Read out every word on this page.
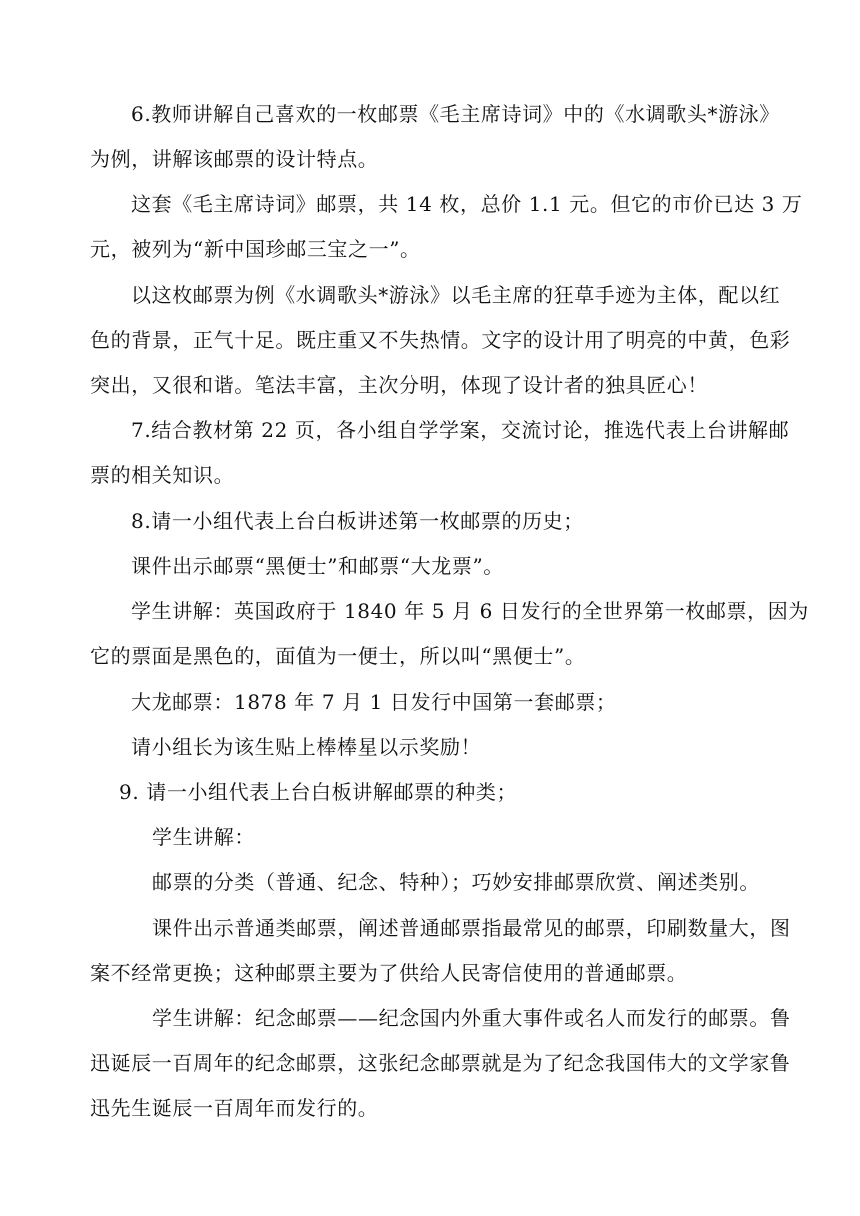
6.教师讲解自己喜欢的一枚邮票《毛主席诗词》中的《水调歌头*游泳》
为例，讲解该邮票的设计特点。
这套《毛主席诗词》邮票，共 14 枚，总价 1.1 元。但它的市价已达 3 万
元，被列为“新中国珍邮三宝之一”。
以这枚邮票为例《水调歌头*游泳》以毛主席的狂草手迹为主体，配以红
色的背景，正气十足。既庄重又不失热情。文字的设计用了明亮的中黄，色彩
突出，又很和谐。笔法丰富，主次分明，体现了设计者的独具匠心！
7.结合教材第 22 页，各小组自学学案，交流讨论，推选代表上台讲解邮
票的相关知识。
8.请一小组代表上台白板讲述第一枚邮票的历史；
课件出示邮票“黑便士”和邮票“大龙票”。
学生讲解：英国政府于 1840 年 5 月 6 日发行的全世界第一枚邮票，因为
它的票面是黑色的，面值为一便士，所以叫“黑便士”。
大龙邮票：1878 年 7 月 1 日发行中国第一套邮票；
请小组长为该生贴上棒棒星以示奖励！
9. 请一小组代表上台白板讲解邮票的种类；
学生讲解：
邮票的分类（普通、纪念、特种）；巧妙安排邮票欣赏、阐述类别。
课件出示普通类邮票，阐述普通邮票指最常见的邮票，印刷数量大，图
案不经常更换；这种邮票主要为了供给人民寄信使用的普通邮票。
学生讲解：纪念邮票——纪念国内外重大事件或名人而发行的邮票。鲁
迅诞辰一百周年的纪念邮票，这张纪念邮票就是为了纪念我国伟大的文学家鲁
迅先生诞辰一百周年而发行的。
